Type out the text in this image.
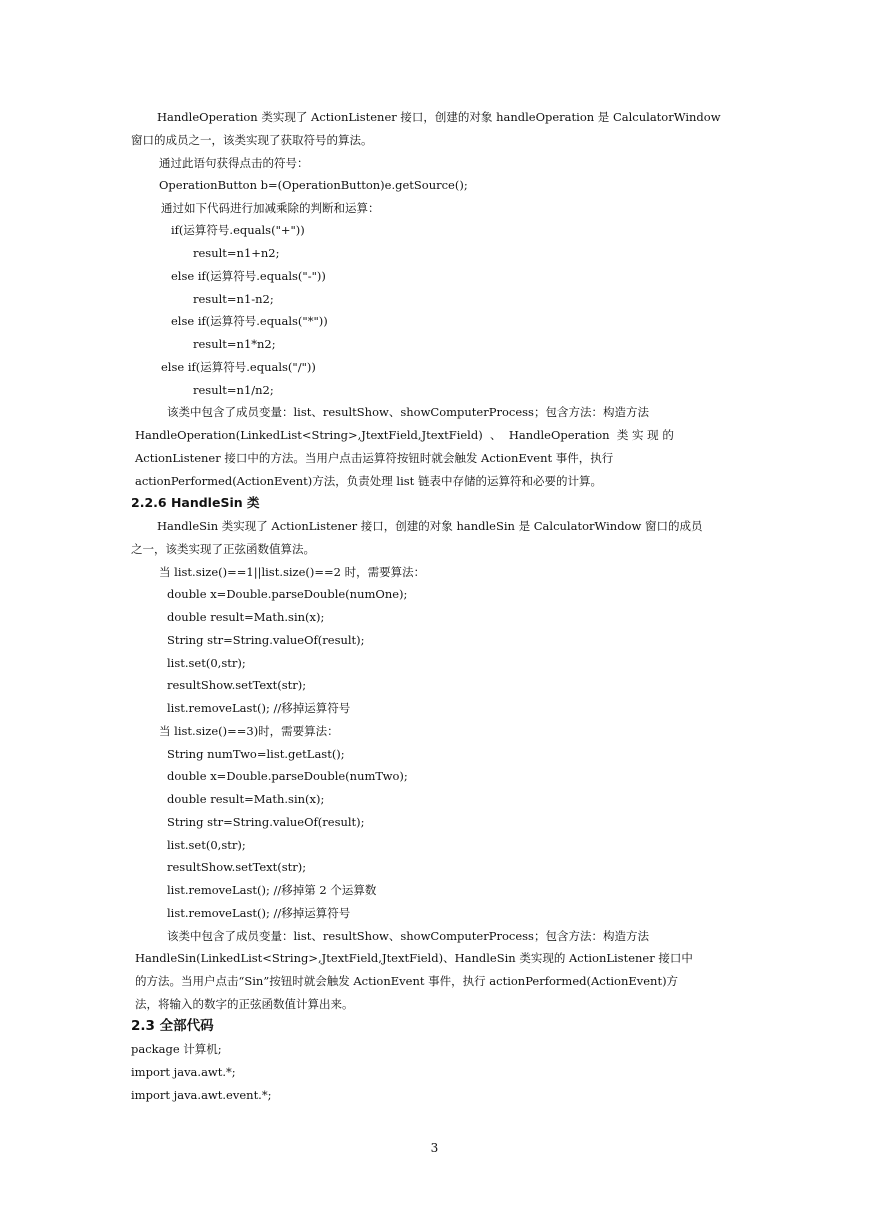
HandleOperation 类实现了 ActionListener 接口，创建的对象 handleOperation 是 CalculatorWindow
窗口的成员之一，该类实现了获取符号的算法。
通过此语句获得点击的符号：
OperationButton b=(OperationButton)e.getSource();
通过如下代码进行加减乘除的判断和运算：
if(运算符号.equals("+"))
result=n1+n2;
else if(运算符号.equals("-"))
result=n1-n2;
else if(运算符号.equals("*"))
result=n1*n2;
else if(运算符号.equals("/"))
result=n1/n2;
该类中包含了成员变量：list、resultShow、showComputerProcess；包含方法：构造方法
HandleOperation(LinkedList<String>,JtextField,JtextField)  、  HandleOperation  类 实 现 的
ActionListener 接口中的方法。当用户点击运算符按钮时就会触发 ActionEvent 事件，执行
actionPerformed(ActionEvent)方法，负责处理 list 链表中存储的运算符和必要的计算。
2.2.6 HandleSin 类
HandleSin 类实现了 ActionListener 接口，创建的对象 handleSin 是 CalculatorWindow 窗口的成员
之一，该类实现了正弦函数值算法。
当 list.size()==1||list.size()==2 时，需要算法：
double x=Double.parseDouble(numOne);
double result=Math.sin(x);
String str=String.valueOf(result);
list.set(0,str);
resultShow.setText(str);
list.removeLast(); //移掉运算符号
当 list.size()==3)时，需要算法：
String numTwo=list.getLast();
double x=Double.parseDouble(numTwo);
double result=Math.sin(x);
String str=String.valueOf(result);
list.set(0,str);
resultShow.setText(str);
list.removeLast(); //移掉第 2 个运算数
list.removeLast(); //移掉运算符号
该类中包含了成员变量：list、resultShow、showComputerProcess；包含方法：构造方法
HandleSin(LinkedList<String>,JtextField,JtextField)、HandleSin 类实现的 ActionListener 接口中
的方法。当用户点击“Sin”按钮时就会触发 ActionEvent 事件，执行 actionPerformed(ActionEvent)方
法，将输入的数字的正弦函数值计算出来。
2.3 全部代码
package 计算机;
import java.awt.*;
import java.awt.event.*;
3
